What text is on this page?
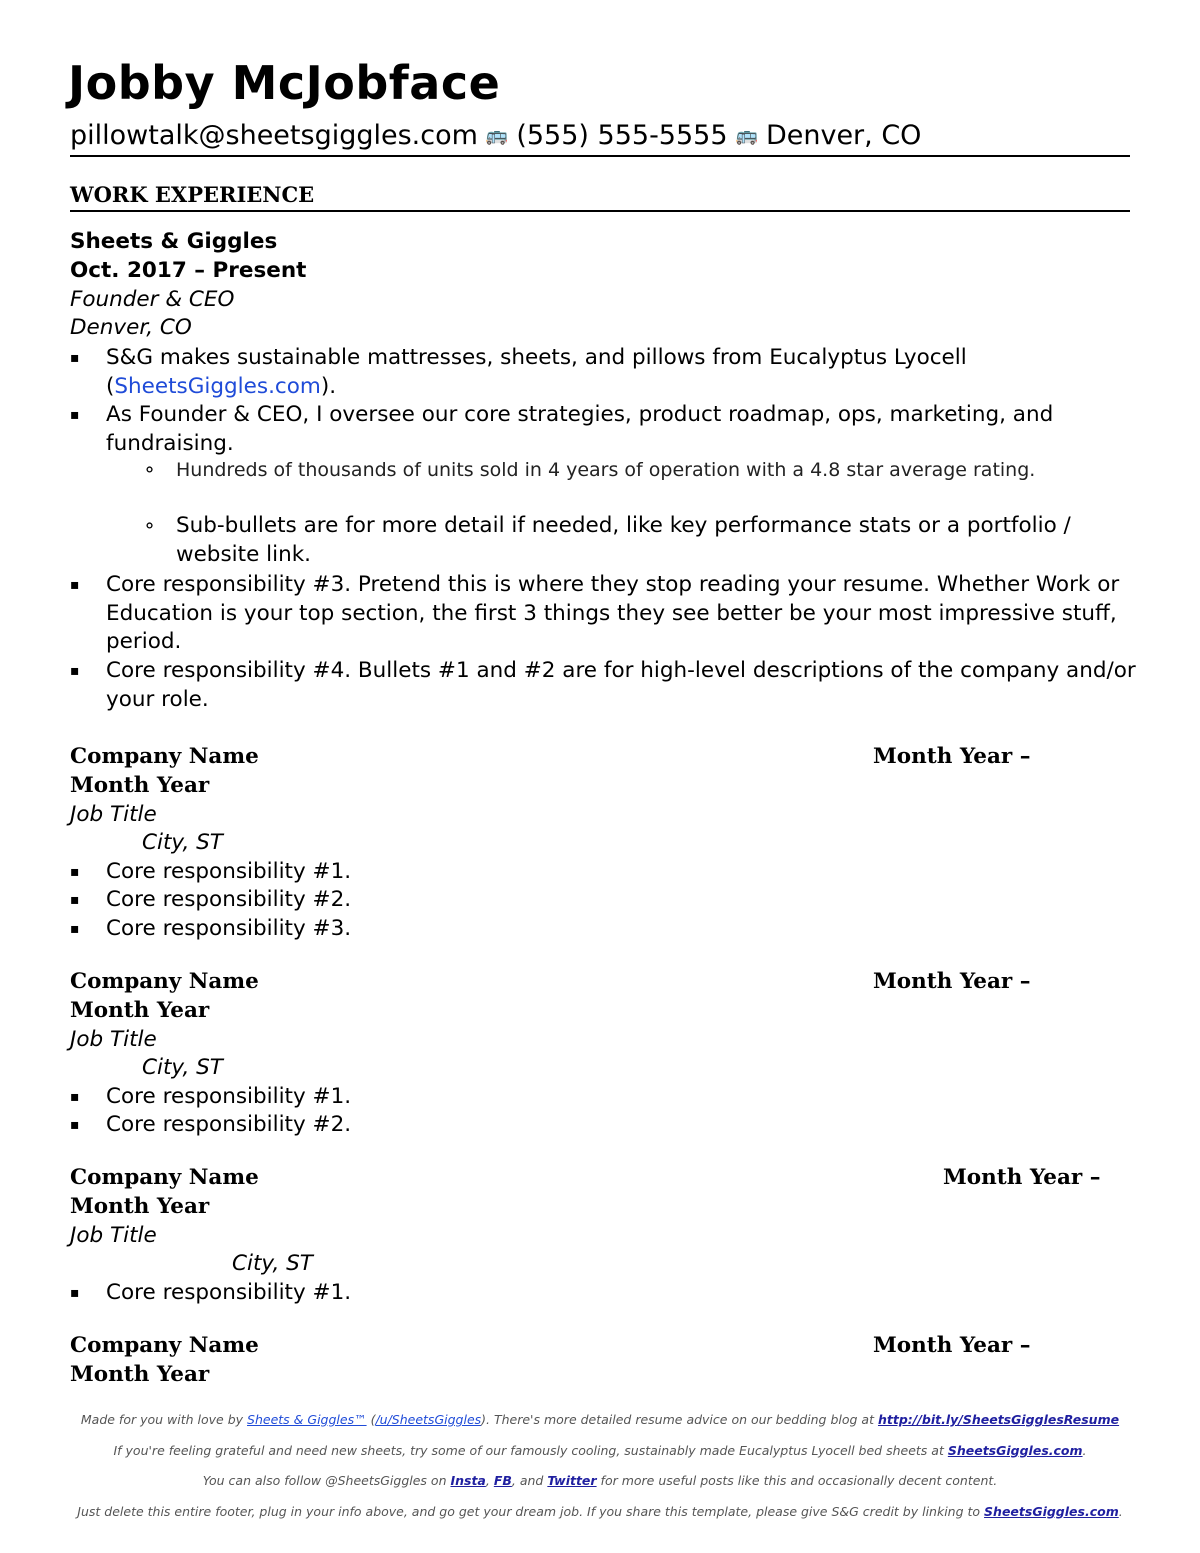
Jobby McJobface
pillowtalk@sheetsgiggles.com 🚌 (555) 555-5555 🚌 Denver, CO
WORK EXPERIENCE
Sheets & Giggles
Oct. 2017 – Present
Founder & CEO
Denver, CO
▪	S&G makes sustainable mattresses, sheets, and pillows from Eucalyptus Lyocell (SheetsGiggles.com).
▪	As Founder & CEO, I oversee our core strategies, product roadmap, ops, marketing, and fundraising.
⚬ Hundreds of thousands of units sold in 4 years of operation with a 4.8 star average rating.
⚬ Sub-bullets are for more detail if needed, like key performance stats or a portfolio / website link.
▪	Core responsibility #3. Pretend this is where they stop reading your resume. Whether Work or Education is your top section, the first 3 things they see better be your most impressive stuff, period.
▪	Core responsibility #4. Bullets #1 and #2 are for high-level descriptions of the company and/or your role.
Company Name	Month Year –
Month Year
Job Title
City, ST
▪	Core responsibility #1.
▪	Core responsibility #2.
▪	Core responsibility #3.
Company Name	Month Year –
Month Year
Job Title
City, ST
▪	Core responsibility #1.
▪	Core responsibility #2.
Company Name	Month Year –
Month Year
Job Title
City, ST
▪	Core responsibility #1.
Company Name	Month Year –
Month Year
Made for you with love by Sheets & Giggles™ (/u/SheetsGiggles). There's more detailed resume advice on our bedding blog at http://bit.ly/SheetsGigglesResume
If you're feeling grateful and need new sheets, try some of our famously cooling, sustainably made Eucalyptus Lyocell bed sheets at SheetsGiggles.com.
You can also follow @SheetsGiggles on Insta, FB, and Twitter for more useful posts like this and occasionally decent content.
Just delete this entire footer, plug in your info above, and go get your dream job. If you share this template, please give S&G credit by linking to SheetsGiggles.com.
